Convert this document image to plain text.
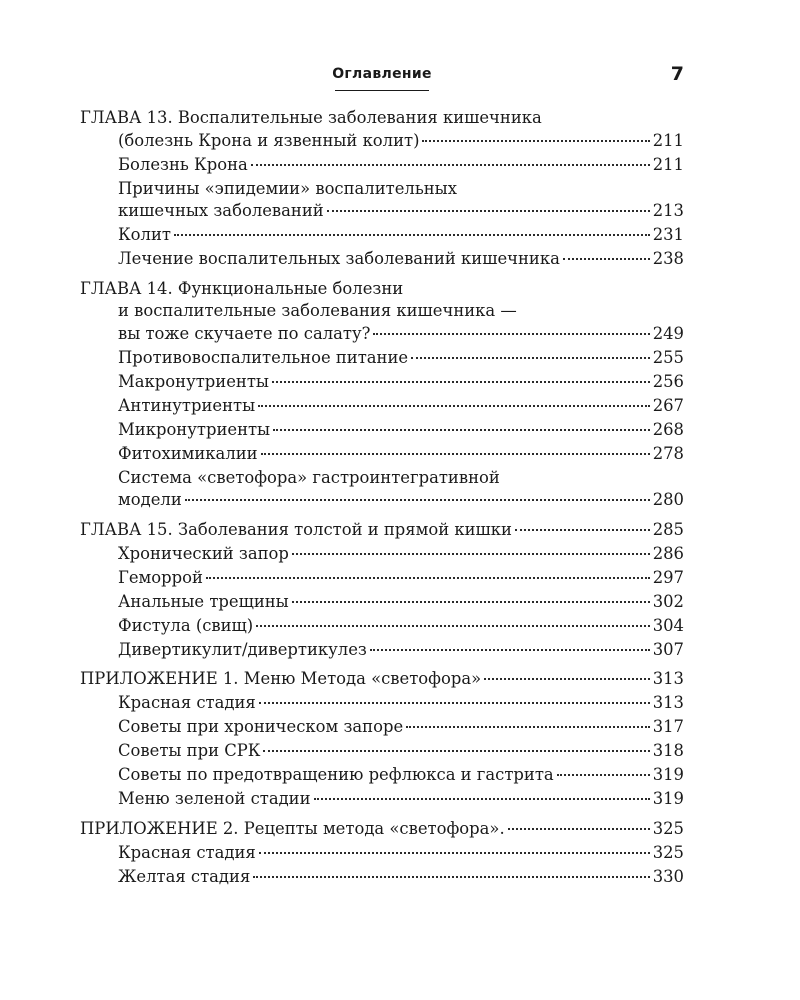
Оглавление	7
ГЛАВА 13. Воспалительные заболевания кишечника
(болезнь Крона и язвенный колит)	211
Болезнь Крона	211
Причины «эпидемии» воспалительных
кишечных заболеваний	213
Колит	231
Лечение воспалительных заболеваний кишечника	238
ГЛАВА 14. Функциональные болезни
и воспалительные заболевания кишечника —
вы тоже скучаете по салату?	249
Противовоспалительное питание	255
Макронутриенты	256
Антинутриенты	267
Микронутриенты	268
Фитохимикалии	278
Система «светофора» гастроинтегративной
модели	280
ГЛАВА 15. Заболевания толстой и прямой кишки	285
Хронический запор	286
Геморрой	297
Анальные трещины	302
Фистула (свищ)	304
Дивертикулит/дивертикулез	307
ПРИЛОЖЕНИЕ 1. Меню Метода «светофора»	313
Красная стадия	313
Советы при хроническом запоре	317
Советы при СРК	318
Советы по предотвращению рефлюкса и гастрита	319
Меню зеленой стадии	319
ПРИЛОЖЕНИЕ 2. Рецепты метода «светофора».	325
Красная стадия	325
Желтая стадия	330
